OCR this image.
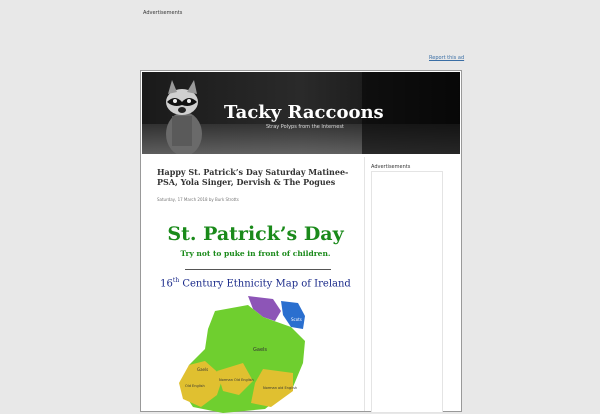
Advertisements
Report this ad
Tacky Raccoons
Stray Polyps from the Internest
Happy St. Patrick’s Day Saturday Matinee- PSA, Yola Singer, Dervish & The Pogues
Saturday, 17 March 2018 by Burk Strotts
St. Patrick’s Day
Try not to puke in front of children.
16th Century Ethnicity Map of Ireland
Scots
Gaels
Norman Old English
Norman old English
Old English
Gaels
Advertisements
